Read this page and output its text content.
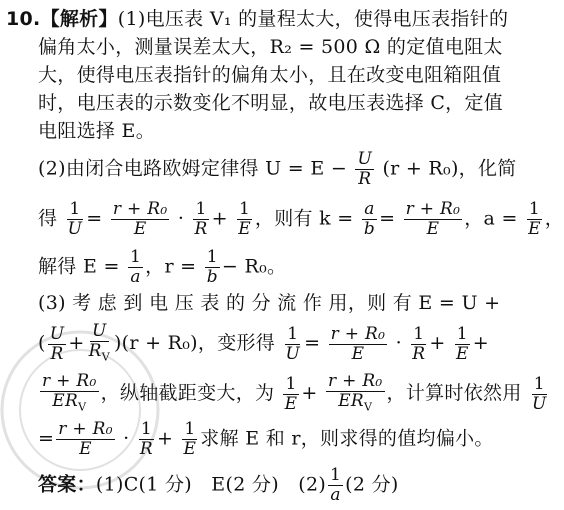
10.【解析】(1)电压表 V₁ 的量程太大，使得电压表指针的
偏角太小，测量误差太大，R₂ = 500 Ω 的定值电阻太
大，使得电压表指针的偏角太小，且在改变电阻箱阻值
时，电压表的示数变化不明显，故电压表选择 C，定值
电阻选择 E。
(2)由闭合电路欧姆定律得 $U = E - \frac{U}{R} (r + R_0)$，化简
得 $\frac{1}{U} = \frac{\text{r + R₀}}{E} \cdot \frac{1}{R} + \frac{1}{E}$ ，则有 $k = \frac{a}{b} = \frac{\text{r + R₀}}{E}$ ，$a = \frac{1}{E}$ ，
解得 $E = \frac{1}{a}$ ，$r = \frac{1}{b} - R_0$。
(3) 考 虑 到 电 压 表 的 分 流 作 用，则 有 E = U +
( $\frac{U}{R} + \frac{U}{R_V} )(r + R_0)$，变形得 $\frac{1}{U} = \frac{\text{r + R₀}}{E} \cdot \frac{1}{R} + \frac{1}{E}$ +
$\frac{\text{r + R₀}}{ER_V}$ ，纵轴截距变大，为 $\frac{1}{E} + \frac{\text{r + R₀}}{ER_V}$ ，计算时依然用 $\frac{1}{U}$
= $\frac{\text{r + R₀}}{E} \cdot \frac{1}{R} + \frac{1}{E}$ 求解 E 和 r，则求得的值均偏小。
答案：(1)C(1 分)　E(2 分)　$(2) \frac{1}{a} (2$ 分)
